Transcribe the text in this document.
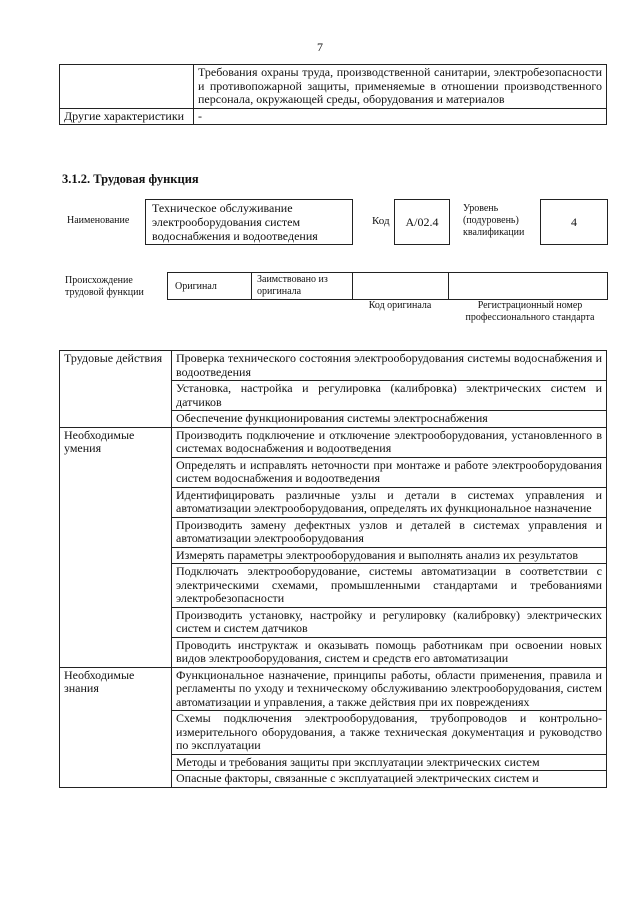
7
	Требования охраны труда, производственной санитарии, электробезопасности и противопожарной защиты, применяемые в отношении производственного персонала, окружающей среды, оборудования и материалов
Другие характеристики	-
3.1.2. Трудовая функция
Наименование
Техническое обслуживание электрооборудования систем водоснабжения и водоотведения
Код	А/02.4
Уровень (подуровень) квалификации
4
Происхождение трудовой функции
Оригинал
Заимствовано из оригинала
Код оригинала	Регистрационный номер профессионального стандарта
Трудовые действия	Проверка технического состояния электрооборудования системы водоснабжения и водоотведения
	Установка, настройка и регулировка (калибровка) электрических систем и датчиков
	Обеспечение функционирования системы электроснабжения
Необходимые умения	Производить подключение и отключение электрооборудования, установленного в системах водоснабжения и водоотведения
	Определять и исправлять неточности при монтаже и работе электрооборудования систем водоснабжения и водоотведения
	Идентифицировать различные узлы и детали в системах управления и автоматизации электрооборудования, определять их функциональное назначение
	Производить замену дефектных узлов и деталей в системах управления и автоматизации электрооборудования
	Измерять параметры электрооборудования и выполнять анализ их результатов
	Подключать электрооборудование, системы автоматизации в соответствии с электрическими схемами, промышленными стандартами и требованиями электробезопасности
	Производить установку, настройку и регулировку (калибровку) электрических систем и систем датчиков
	Проводить инструктаж и оказывать помощь работникам при освоении новых видов электрооборудования, систем и средств его автоматизации
Необходимые знания	Функциональное назначение, принципы работы, области применения, правила и регламенты по уходу и техническому обслуживанию электрооборудования, систем автоматизации и управления, а также действия при их повреждениях
	Схемы подключения электрооборудования, трубопроводов и контрольно-измерительного оборудования, а также техническая документация и руководство по эксплуатации
	Методы и требования защиты при эксплуатации электрических систем
	Опасные факторы, связанные с эксплуатацией электрических систем и
